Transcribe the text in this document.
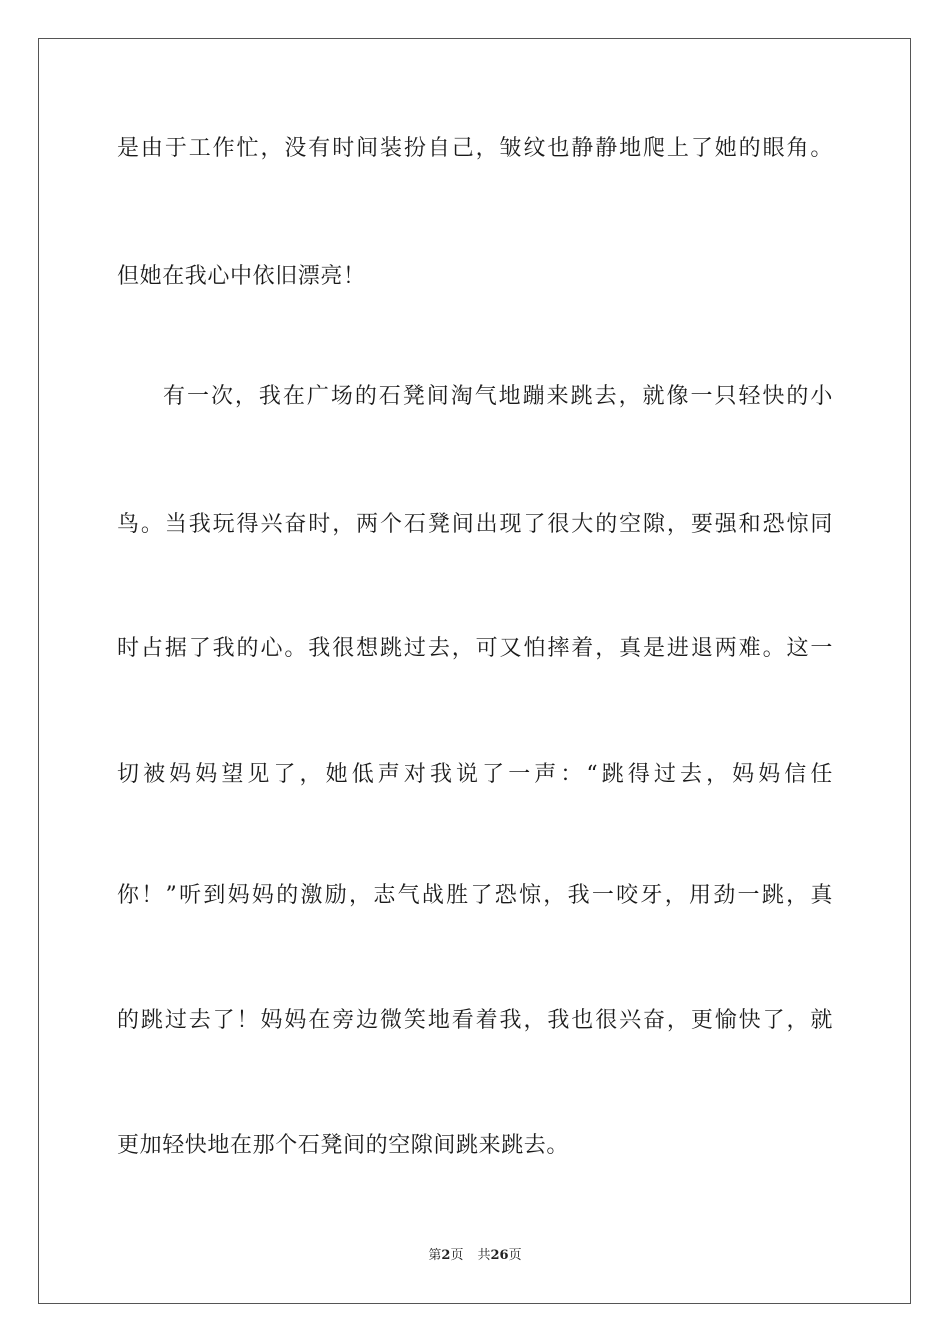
是由于工作忙，没有时间装扮自己，皱纹也静静地爬上了她的眼角。
但她在我心中依旧漂亮！
有一次，我在广场的石凳间淘气地蹦来跳去，就像一只轻快的小
鸟。当我玩得兴奋时，两个石凳间出现了很大的空隙，要强和恐惊同
时占据了我的心。我很想跳过去，可又怕摔着，真是进退两难。这一
切被妈妈望见了，她低声对我说了一声：“跳得过去，妈妈信任
你！”听到妈妈的激励，志气战胜了恐惊，我一咬牙，用劲一跳，真
的跳过去了！妈妈在旁边微笑地看着我，我也很兴奋，更愉快了，就
更加轻快地在那个石凳间的空隙间跳来跳去。
第2页 共26页
